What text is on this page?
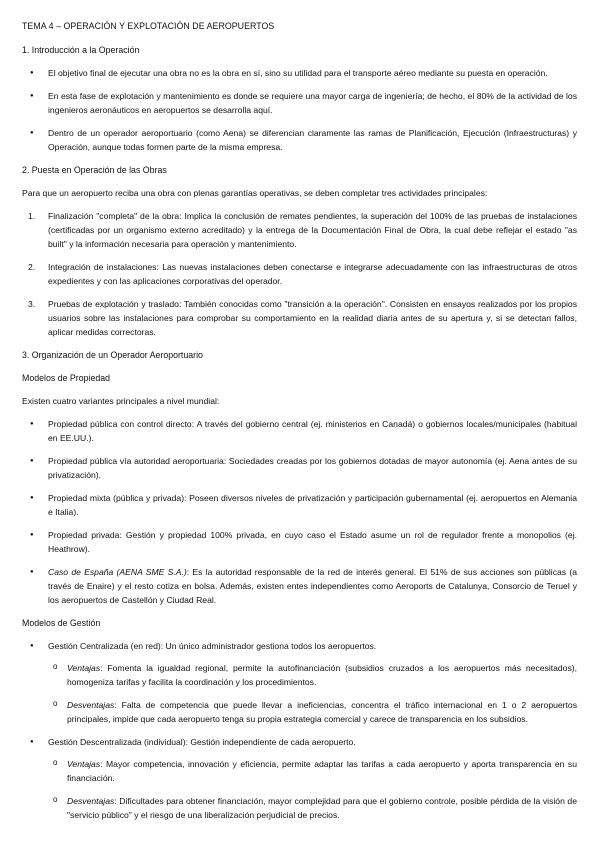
TEMA 4 – OPERACIÓN Y EXPLOTACIÓN DE AEROPUERTOS
1. Introducción a la Operación
● El objetivo final de ejecutar una obra no es la obra en sí, sino su utilidad para el transporte aéreo mediante su puesta en operación.
● En esta fase de explotación y mantenimiento es donde se requiere una mayor carga de ingeniería; de hecho, el 80% de la actividad de los ingenieros aeronáuticos en aeropuertos se desarrolla aquí.
● Dentro de un operador aeroportuario (como Aena) se diferencian claramente las ramas de Planificación, Ejecución (Infraestructuras) y Operación, aunque todas formen parte de la misma empresa.
2. Puesta en Operación de las Obras

Para que un aeropuerto reciba una obra con plenas garantías operativas, se deben completar tres actividades principales:

1. Finalización "completa" de la obra: Implica la conclusión de remates pendientes, la superación del 100% de las pruebas de instalaciones (certificadas por un organismo externo acreditado) y la entrega de la Documentación Final de Obra, la cual debe reflejar el estado "as built" y la información necesaria para operación y mantenimiento.
2. Integración de instalaciones: Las nuevas instalaciones deben conectarse e integrarse adecuadamente con las infraestructuras de otros expedientes y con las aplicaciones corporativas del operador.
3. Pruebas de explotación y traslado: También conocidas como "transición a la operación". Consisten en ensayos realizados por los propios usuarios sobre las instalaciones para comprobar su comportamiento en la realidad diaria antes de su apertura y, si se detectan fallos, aplicar medidas correctoras.
3. Organización de un Operador Aeroportuario
Modelos de Propiedad

Existen cuatro variantes principales a nivel mundial:

● Propiedad pública con control directo: A través del gobierno central (ej. ministerios en Canadá) o gobiernos locales/municipales (habitual en EE.UU.).
● Propiedad pública vía autoridad aeroportuaria: Sociedades creadas por los gobiernos dotadas de mayor autonomía (ej. Aena antes de su privatización).
● Propiedad mixta (pública y privada): Poseen diversos niveles de privatización y participación gubernamental (ej. aeropuertos en Alemania e Italia).
● Propiedad privada: Gestión y propiedad 100% privada, en cuyo caso el Estado asume un rol de regulador frente a monopolios (ej. Heathrow).
● Caso de España (AENA SME S.A.): Es la autoridad responsable de la red de interés general. El 51% de sus acciones son públicas (a través de Enaire) y el resto cotiza en bolsa. Además, existen entes independientes como Aeroports de Catalunya, Consorcio de Teruel y los aeropuertos de Castellón y Ciudad Real.
Modelos de Gestión
● Gestión Centralizada (en red): Un único administrador gestiona todos los aeropuertos.
o Ventajas: Fomenta la igualdad regional, permite la autofinanciación (subsidios cruzados a los aeropuertos más necesitados), homogeniza tarifas y facilita la coordinación y los procedimientos.
o Desventajas: Falta de competencia que puede llevar a ineficiencias, concentra el tráfico internacional en 1 o 2 aeropuertos principales, impide que cada aeropuerto tenga su propia estrategia comercial y carece de transparencia en los subsidios.
● Gestión Descentralizada (individual): Gestión independiente de cada aeropuerto.
o Ventajas: Mayor competencia, innovación y eficiencia, permite adaptar las tarifas a cada aeropuerto y aporta transparencia en su financiación.
o Desventajas: Dificultades para obtener financiación, mayor complejidad para que el gobierno controle, posible pérdida de la visión de "servicio público" y el riesgo de una liberalización perjudicial de precios.
